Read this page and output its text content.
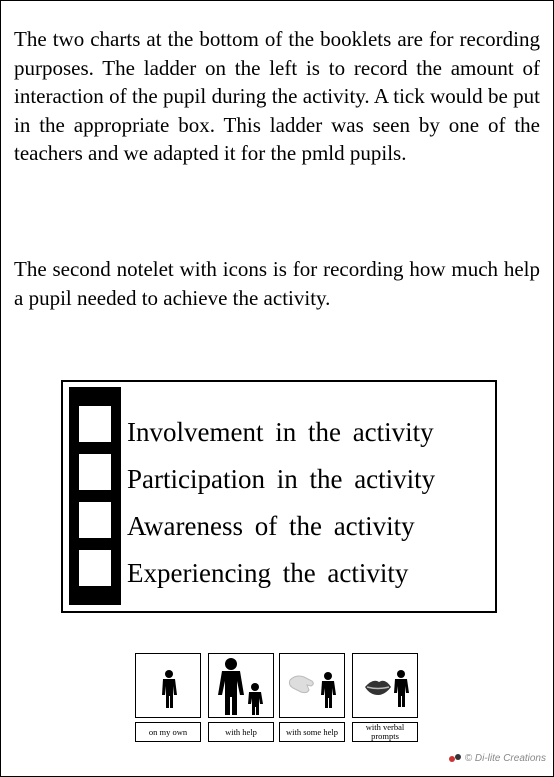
The two charts at the bottom of the booklets are for recording purposes. The ladder on the left is to record the amount of interaction of the pupil during the activity. A tick would be put in the appropriate box. This ladder was seen by one of the teachers and we adapted it for the pmld pupils.

The second notelet with icons is for recording how much help a pupil needed to achieve the activity.

Involvement in the activity
Participation in the activity
Awareness of the activity
Experiencing the activity
on my own	with help	with some help	with verbal prompts
© Di-lite Creations
